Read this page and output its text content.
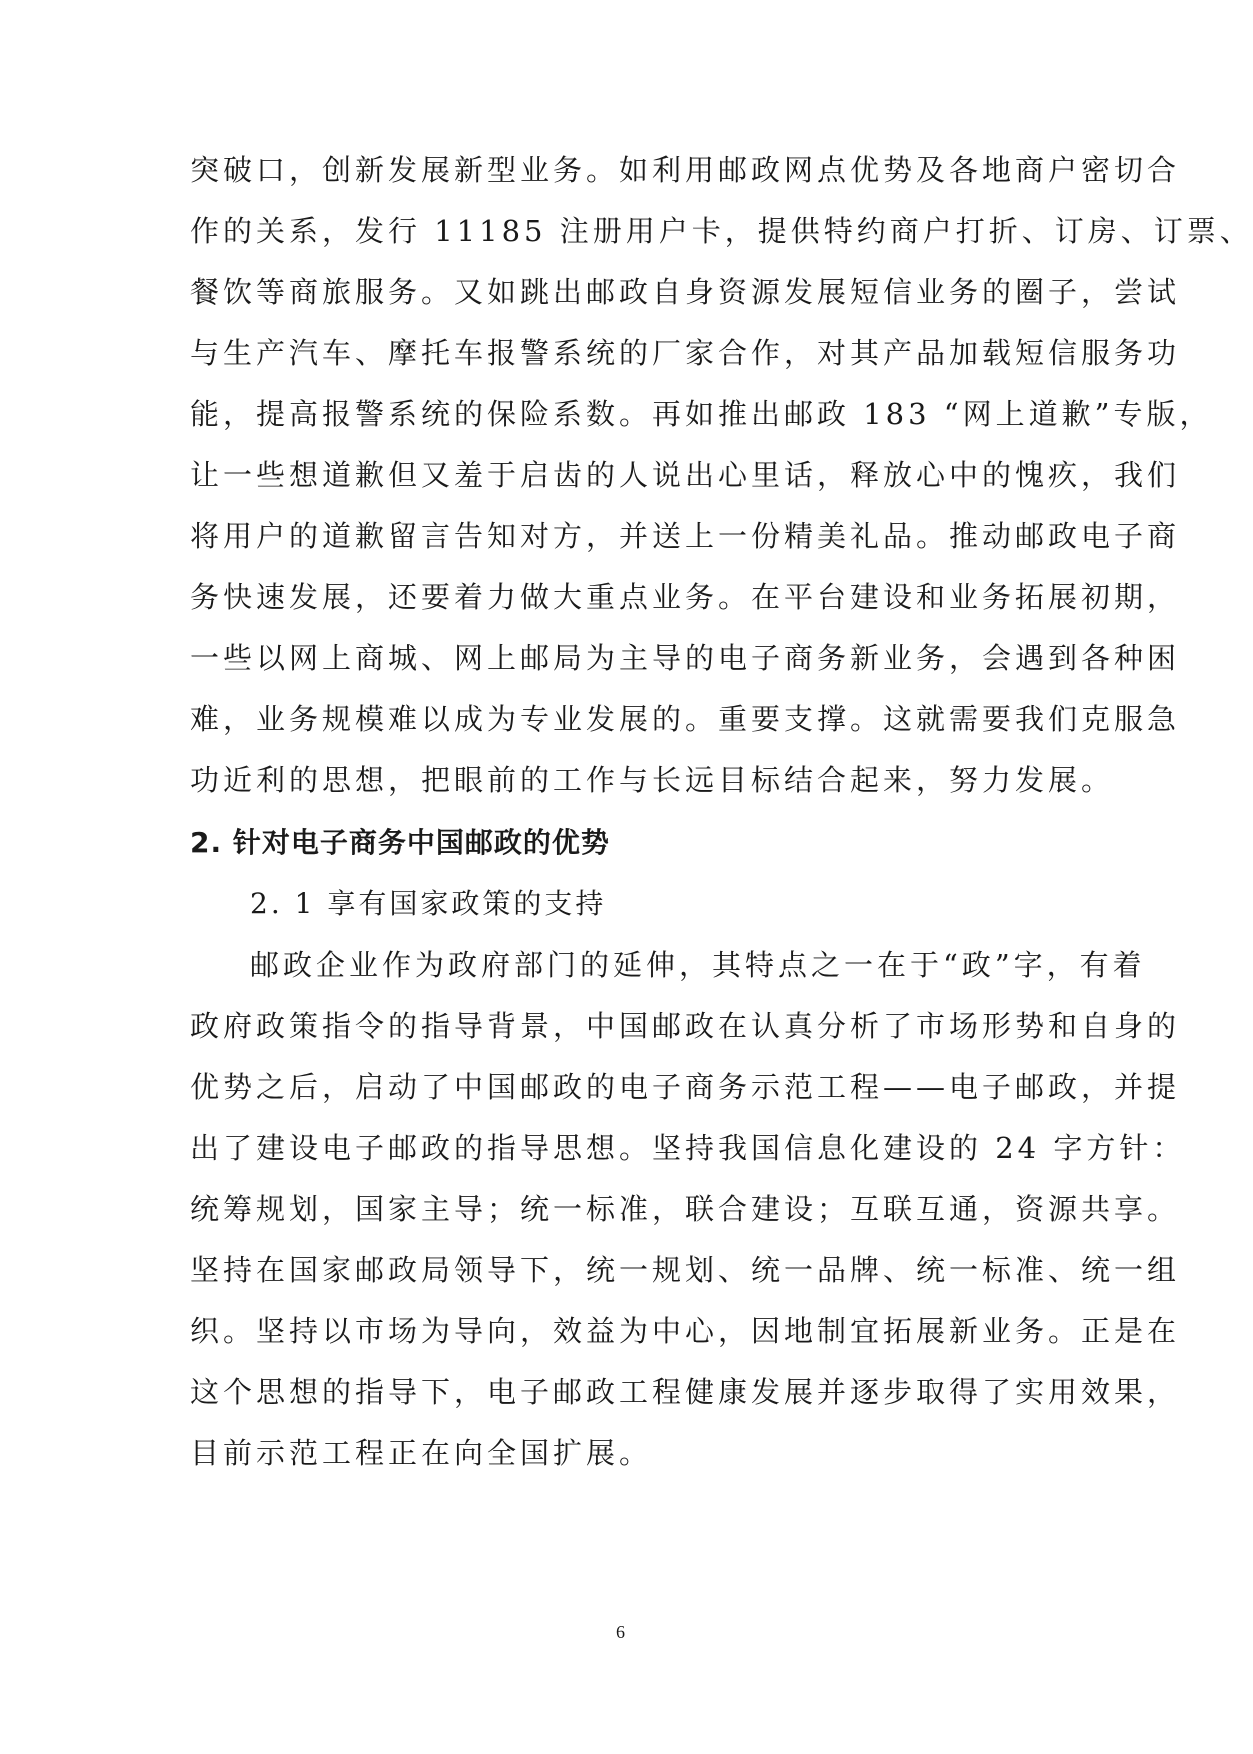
突破口，创新发展新型业务。如利用邮政网点优势及各地商户密切合
作的关系，发行 11185 注册用户卡，提供特约商户打折、订房、订票、
餐饮等商旅服务。又如跳出邮政自身资源发展短信业务的圈子，尝试
与生产汽车、摩托车报警系统的厂家合作，对其产品加载短信服务功
能，提高报警系统的保险系数。再如推出邮政 183 “网上道歉”专版，
让一些想道歉但又羞于启齿的人说出心里话，释放心中的愧疚，我们
将用户的道歉留言告知对方，并送上一份精美礼品。推动邮政电子商
务快速发展，还要着力做大重点业务。在平台建设和业务拓展初期，
一些以网上商城、网上邮局为主导的电子商务新业务，会遇到各种困
难，业务规模难以成为专业发展的。重要支撑。这就需要我们克服急
功近利的思想，把眼前的工作与长远目标结合起来，努力发展。
2. 针对电子商务中国邮政的优势
2. 1 享有国家政策的支持
邮政企业作为政府部门的延伸，其特点之一在于“政”字，有着
政府政策指令的指导背景，中国邮政在认真分析了市场形势和自身的
优势之后，启动了中国邮政的电子商务示范工程——电子邮政，并提
出了建设电子邮政的指导思想。坚持我国信息化建设的 24 字方针：
统筹规划，国家主导；统一标准，联合建设；互联互通，资源共享。
坚持在国家邮政局领导下，统一规划、统一品牌、统一标准、统一组
织。坚持以市场为导向，效益为中心，因地制宜拓展新业务。正是在
这个思想的指导下，电子邮政工程健康发展并逐步取得了实用效果，
目前示范工程正在向全国扩展。
6
